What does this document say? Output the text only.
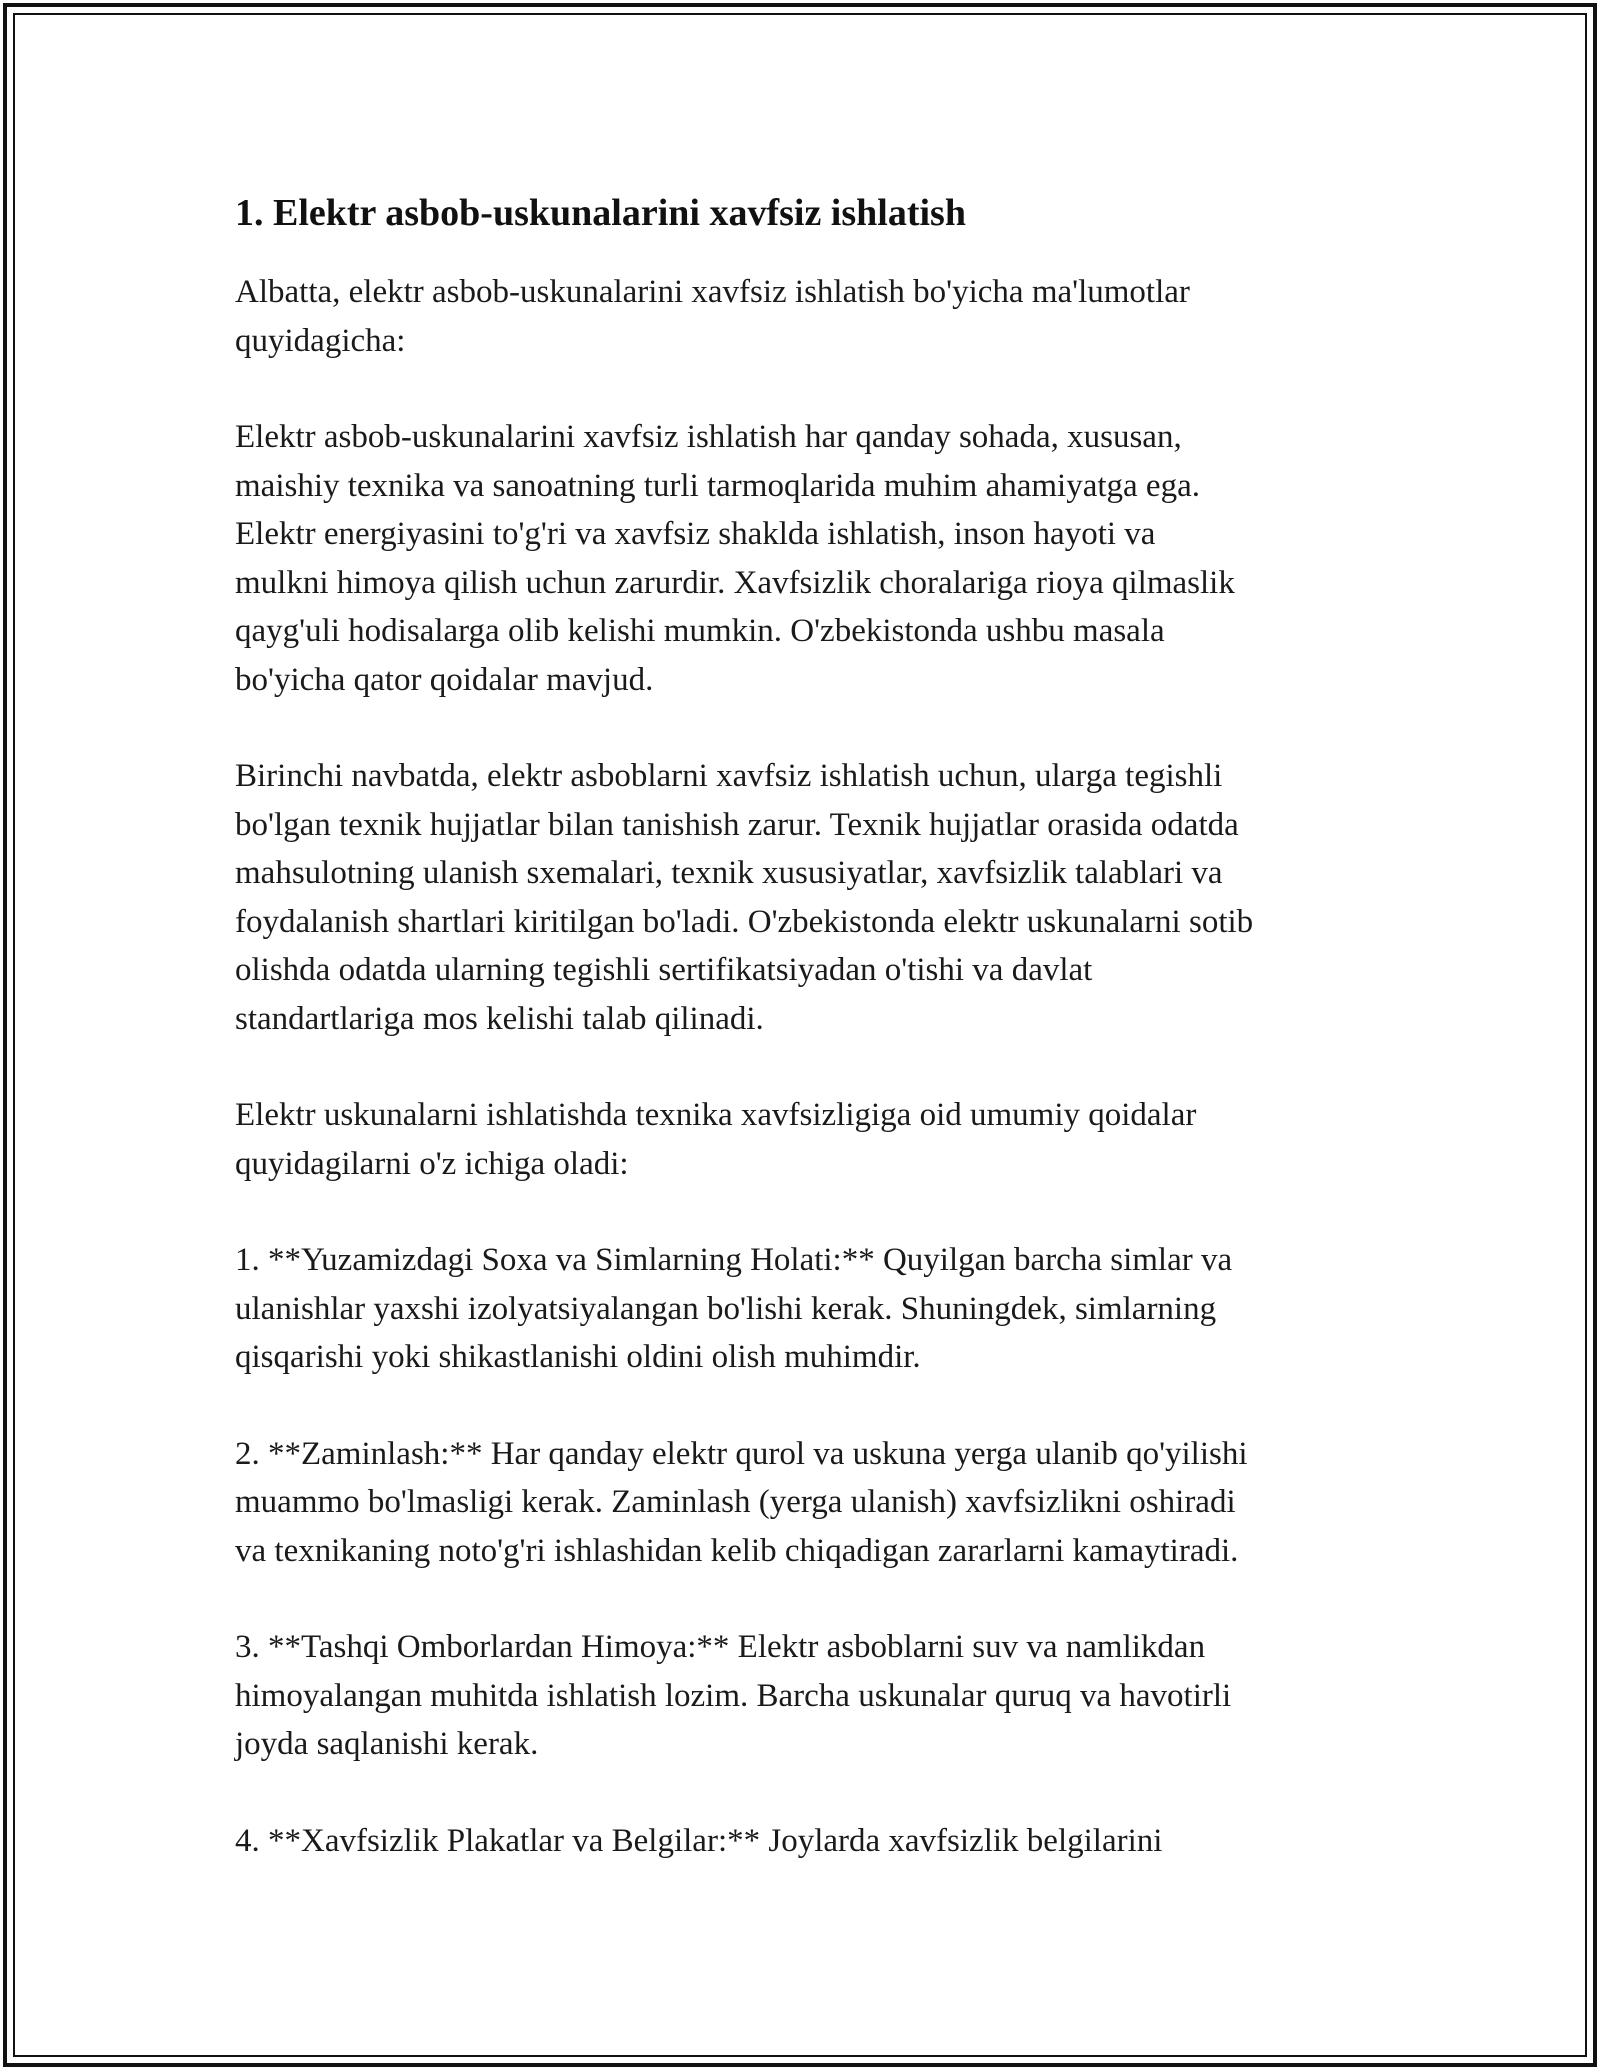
1. Elektr asbob-uskunalarini xavfsiz ishlatish

Albatta, elektr asbob-uskunalarini xavfsiz ishlatish bo'yicha ma'lumotlar
quyidagicha:

Elektr asbob-uskunalarini xavfsiz ishlatish har qanday sohada, xususan,
maishiy texnika va sanoatning turli tarmoqlarida muhim ahamiyatga ega.
Elektr energiyasini to'g'ri va xavfsiz shaklda ishlatish, inson hayoti va
mulkni himoya qilish uchun zarurdir. Xavfsizlik choralariga rioya qilmaslik
qayg'uli hodisalarga olib kelishi mumkin. O'zbekistonda ushbu masala
bo'yicha qator qoidalar mavjud.

Birinchi navbatda, elektr asboblarni xavfsiz ishlatish uchun, ularga tegishli
bo'lgan texnik hujjatlar bilan tanishish zarur. Texnik hujjatlar orasida odatda
mahsulotning ulanish sxemalari, texnik xususiyatlar, xavfsizlik talablari va
foydalanish shartlari kiritilgan bo'ladi. O'zbekistonda elektr uskunalarni sotib
olishda odatda ularning tegishli sertifikatsiyadan o'tishi va davlat
standartlariga mos kelishi talab qilinadi.

Elektr uskunalarni ishlatishda texnika xavfsizligiga oid umumiy qoidalar
quyidagilarni o'z ichiga oladi:

1. **Yuzamizdagi Soxa va Simlarning Holati:** Quyilgan barcha simlar va
ulanishlar yaxshi izolyatsiyalangan bo'lishi kerak. Shuningdek, simlarning
qisqarishi yoki shikastlanishi oldini olish muhimdir.

2. **Zaminlash:** Har qanday elektr qurol va uskuna yerga ulanib qo'yilishi
muammo bo'lmasligi kerak. Zaminlash (yerga ulanish) xavfsizlikni oshiradi
va texnikaning noto'g'ri ishlashidan kelib chiqadigan zararlarni kamaytiradi.

3. **Tashqi Omborlardan Himoya:** Elektr asboblarni suv va namlikdan
himoyalangan muhitda ishlatish lozim. Barcha uskunalar quruq va havotirli
joyda saqlanishi kerak.

4. **Xavfsizlik Plakatlar va Belgilar:** Joylarda xavfsizlik belgilarini
